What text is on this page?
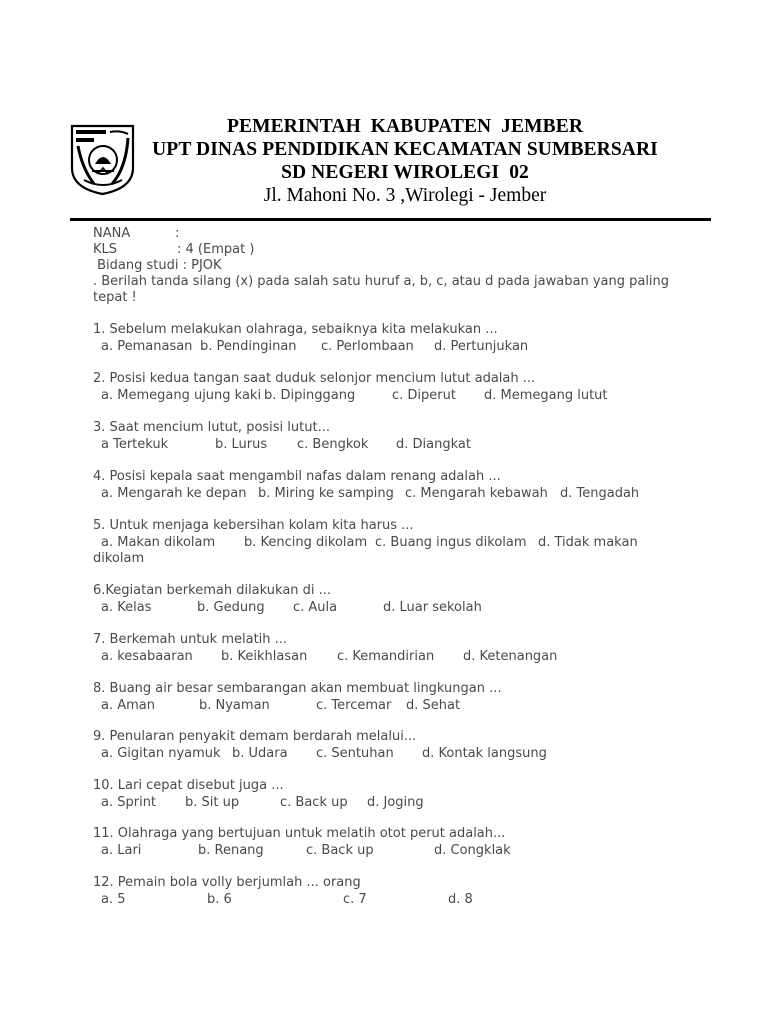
PEMERINTAH  KABUPATEN  JEMBER
UPT DINAS PENDIDIKAN KECAMATAN SUMBERSARI
SD NEGERI WIROLEGI  02
Jl. Mahoni No. 3 ,Wirolegi - Jember
NANA	:
KLS	: 4 (Empat )
Bidang studi : PJOK
. Berilah tanda silang (x) pada salah satu huruf a, b, c, atau d pada jawaban yang paling
tepat !
1. Sebelum melakukan olahraga, sebaiknya kita melakukan ...
a. Pemanasan b. Pendinginan c. Perlombaan d. Pertunjukan
2. Posisi kedua tangan saat duduk selonjor mencium lutut adalah ...
a. Memegang ujung kaki b. Dipinggang	c. Diperut d. Memegang lutut
3. Saat mencium lutut, posisi lutut...
a Tertekuk	b. Lurus c. Bengkok d. Diangkat
4. Posisi kepala saat mengambil nafas dalam renang adalah ...
a. Mengarah ke depan b. Miring ke samping c. Mengarah kebawah d. Tengadah
5. Untuk menjaga kebersihan kolam kita harus ...
a. Makan dikolam b. Kencing dikolam c. Buang ingus dikolam d. Tidak makan
dikolam
6.Kegiatan berkemah dilakukan di ...
a. Kelas	b. Gedung c. Aula	d. Luar sekolah
7. Berkemah untuk melatih ...
a. kesabaaran b. Keikhlasan c. Kemandirian d. Ketenangan
8. Buang air besar sembarangan akan membuat lingkungan ...
a. Aman	b. Nyaman	c. Tercemar d. Sehat
9. Penularan penyakit demam berdarah melalui...
a. Gigitan nyamuk b. Udara c. Sentuhan d. Kontak langsung
10. Lari cepat disebut juga ...
a. Sprint b. Sit up	c. Back up d. Joging
11. Olahraga yang bertujuan untuk melatih otot perut adalah...
a. Lari	b. Renang	c. Back up	d. Congklak
12. Pemain bola volly berjumlah ... orang
a. 5	b. 6	c. 7	d. 8
